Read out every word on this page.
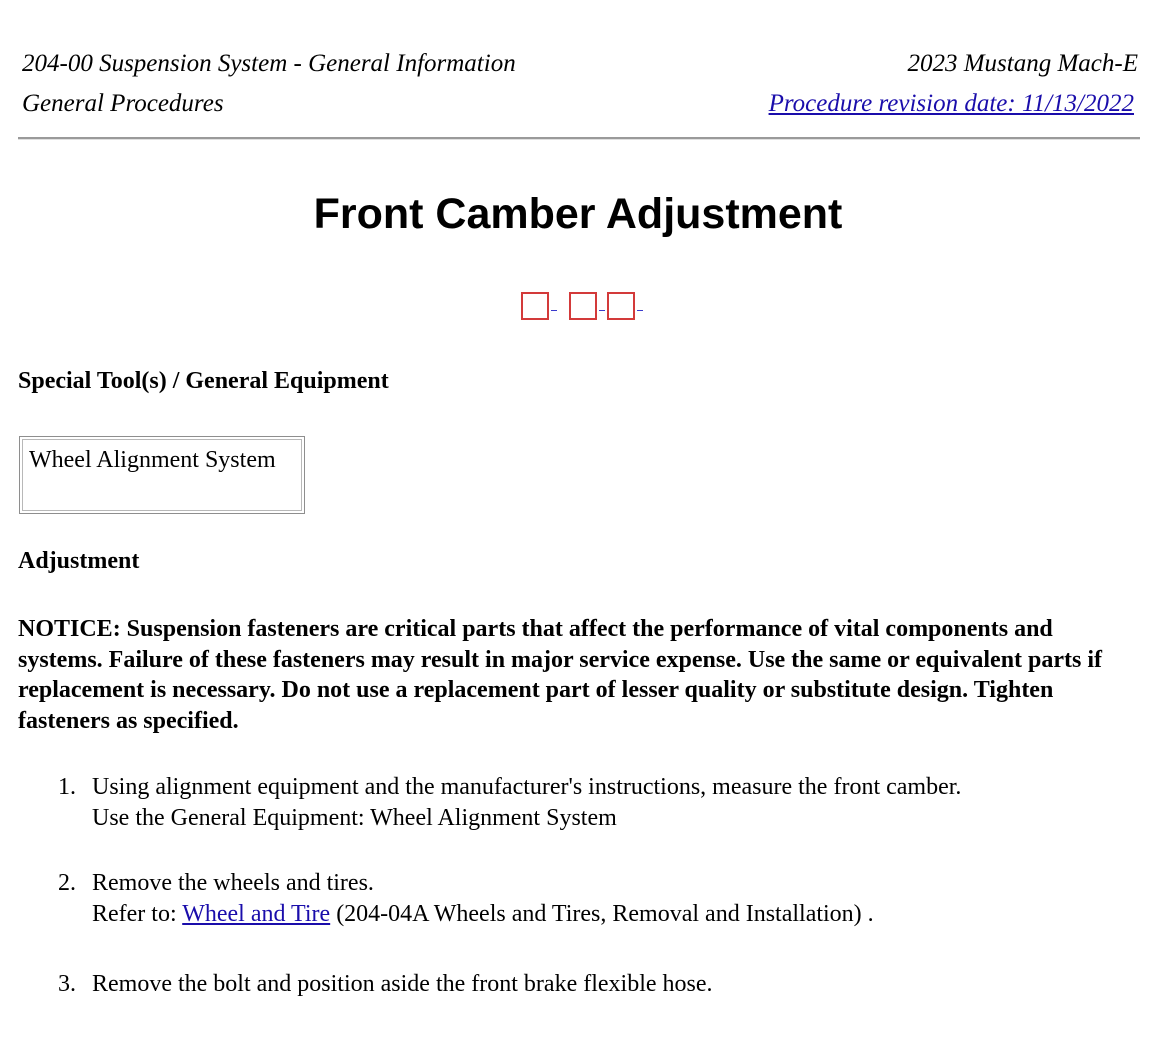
204-00 Suspension System - General Information	2023 Mustang Mach-E
General Procedures	Procedure revision date: 11/13/2022
Front Camber Adjustment
Special Tool(s) / General Equipment
Wheel Alignment System
Adjustment
NOTICE: Suspension fasteners are critical parts that affect the performance of vital components and systems. Failure of these fasteners may result in major service expense. Use the same or equivalent parts if replacement is necessary. Do not use a replacement part of lesser quality or substitute design. Tighten fasteners as specified.
1. Using alignment equipment and the manufacturer's instructions, measure the front camber.
Use the General Equipment: Wheel Alignment System
2. Remove the wheels and tires.
Refer to: Wheel and Tire (204-04A Wheels and Tires, Removal and Installation) .
3. Remove the bolt and position aside the front brake flexible hose.
